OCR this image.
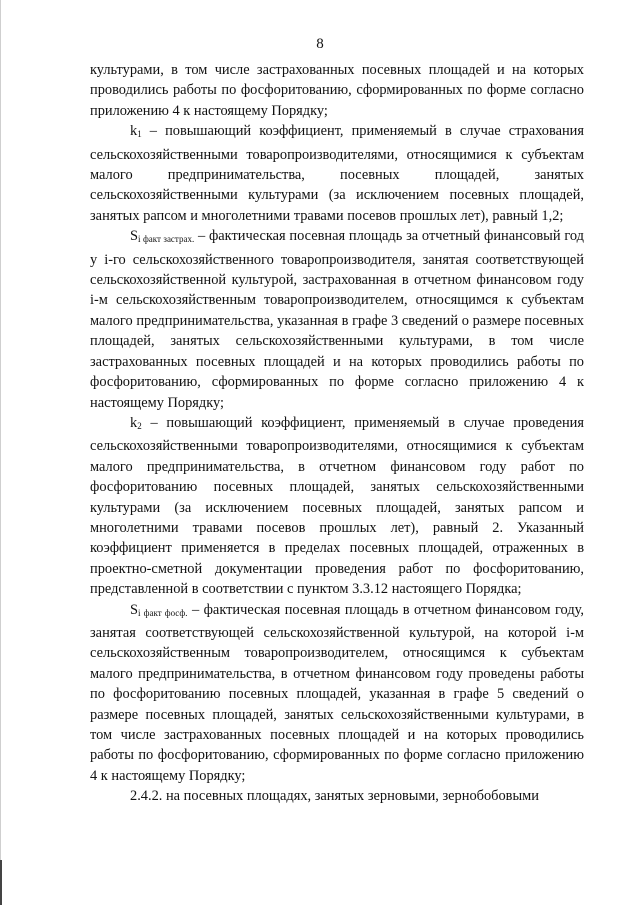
8

культурами, в том числе застрахованных посевных площадей и на которых проводились работы по фосфоритованию, сформированных по форме согласно приложению 4 к настоящему Порядку;

$k_1$ – повышающий коэффициент, применяемый в случае страхования сельскохозяйственными товаропроизводителями, относящимися к субъектам малого предпринимательства, посевных площадей, занятых сельскохозяйственными культурами (за исключением посевных площадей, занятых рапсом и многолетними травами посевов прошлых лет), равный 1,2;

$S_{i факт застрах.}$ – фактическая посевная площадь за отчетный финансовый год у i-го сельскохозяйственного товаропроизводителя, занятая соответствующей сельскохозяйственной культурой, застрахованная в отчетном финансовом году i-м сельскохозяйственным товаропроизводителем, относящимся к субъектам малого предпринимательства, указанная в графе 3 сведений о размере посевных площадей, занятых сельскохозяйственными культурами, в том числе застрахованных посевных площадей и на которых проводились работы по фосфоритованию, сформированных по форме согласно приложению 4 к настоящему Порядку;

$k_2$ – повышающий коэффициент, применяемый в случае проведения сельскохозяйственными товаропроизводителями, относящимися к субъектам малого предпринимательства, в отчетном финансовом году работ по фосфоритованию посевных площадей, занятых сельскохозяйственными культурами (за исключением посевных площадей, занятых рапсом и многолетними травами посевов прошлых лет), равный 2. Указанный коэффициент применяется в пределах посевных площадей, отраженных в проектно-сметной документации проведения работ по фосфоритованию, представленной в соответствии с пунктом 3.3.12 настоящего Порядка;

$S_{i факт фосф.}$ – фактическая посевная площадь в отчетном финансовом году, занятая соответствующей сельскохозяйственной культурой, на которой i-м сельскохозяйственным товаропроизводителем, относящимся к субъектам малого предпринимательства, в отчетном финансовом году проведены работы по фосфоритованию посевных площадей, указанная в графе 5 сведений о размере посевных площадей, занятых сельскохозяйственными культурами, в том числе застрахованных посевных площадей и на которых проводились работы по фосфоритованию, сформированных по форме согласно приложению 4 к настоящему Порядку;

2.4.2. на посевных площадях, занятых зерновыми, зернобобовыми
